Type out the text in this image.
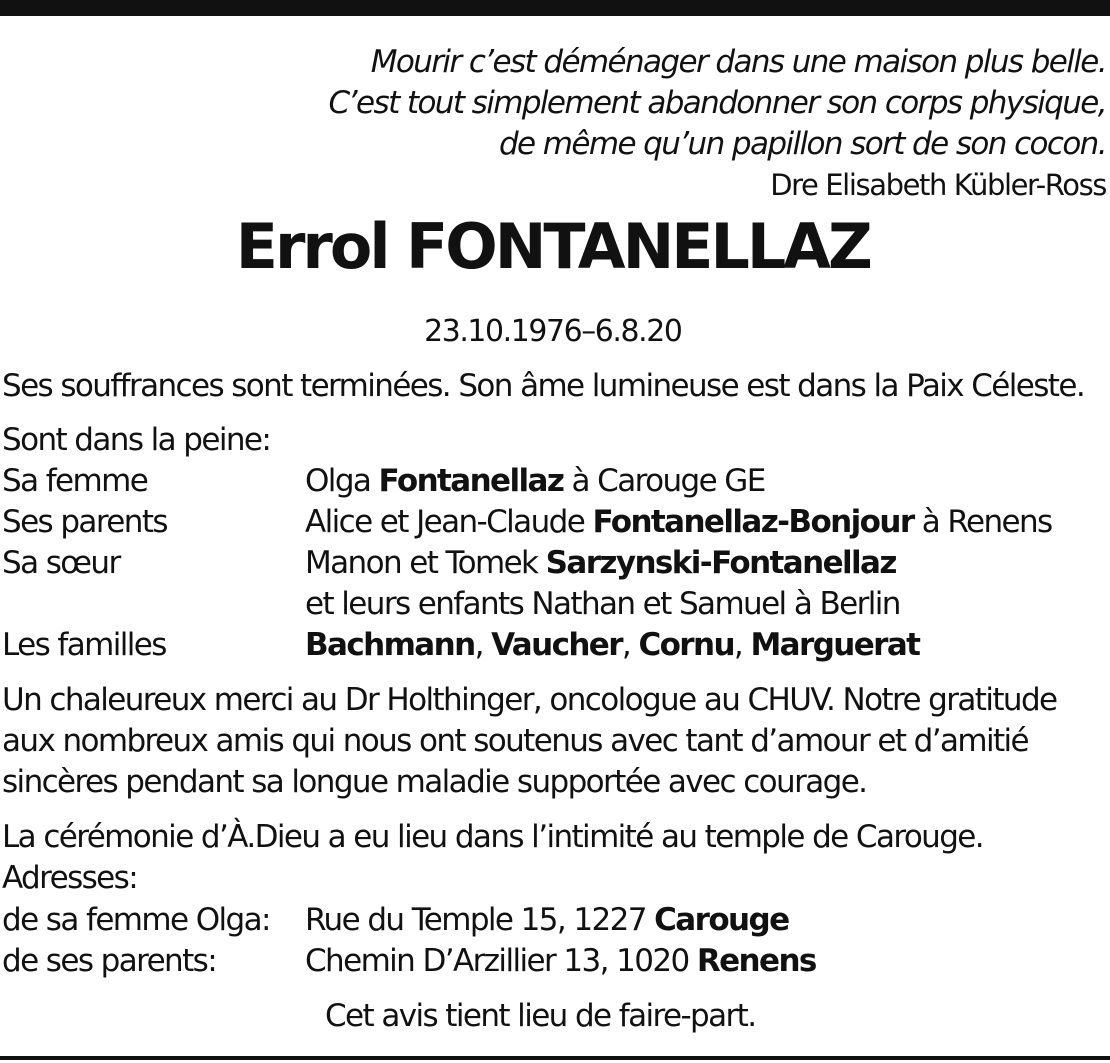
Mourir c’est déménager dans une maison plus belle.
C’est tout simplement abandonner son corps physique,
de même qu’un papillon sort de son cocon.
Dre Elisabeth Kübler-Ross
Errol FONTANELLAZ
23.10.1976–6.8.20
Ses souffrances sont terminées. Son âme lumineuse est dans la Paix Céleste.
Sont dans la peine:
Sa femme	Olga Fontanellaz à Carouge GE
Ses parents	Alice et Jean-Claude Fontanellaz-Bonjour à Renens
Sa sœur	Manon et Tomek Sarzynski-Fontanellaz
et leurs enfants Nathan et Samuel à Berlin
Les familles	Bachmann, Vaucher, Cornu, Marguerat
Un chaleureux merci au Dr Holthinger, oncologue au CHUV. Notre gratitude
aux nombreux amis qui nous ont soutenus avec tant d’amour et d’amitié
sincères pendant sa longue maladie supportée avec courage.
La cérémonie d’À.Dieu a eu lieu dans l’intimité au temple de Carouge.
Adresses:
de sa femme Olga: Rue du Temple 15, 1227 Carouge
de ses parents:	Chemin D’Arzillier 13, 1020 Renens
Cet avis tient lieu de faire-part.
